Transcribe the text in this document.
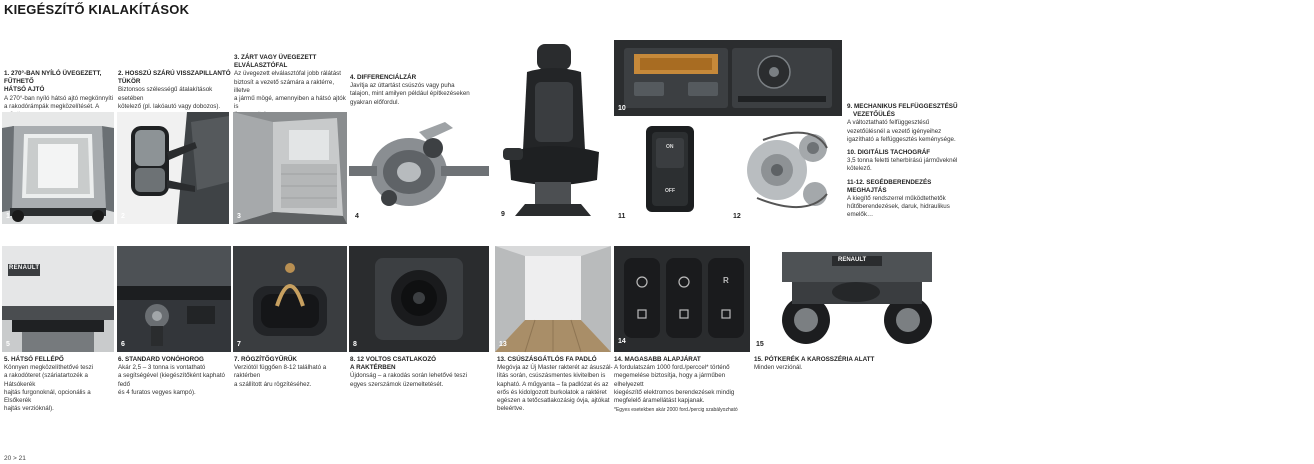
KIEGÉSZÍTŐ KIALAKÍTÁSOK
1. 270°-BAN NYÍLÓ ÜVEGEZETT, FŰTHETŐ
HÁTSÓ AJTÓ
A 270°-ban nyíló hátsó ajtó megkönnyíti
a rakodórámpák megközelítését. A
2. HOSSZÚ SZÁRÚ VISSZAPILLANTÓ
TÜKÖR
Biztonsos szélességű átalakítások esetében
kötelező (pl. lakóautó vagy dobozos).
3. ZÁRT VAGY ÜVEGEZETT
ELVÁLASZTÓFAL
Az üvegezett elválasztófal jobb rálátást
biztosít a vezető számára a raktérre, illetve
a jármű mögé, amennyiben a hátsó ajtók is
4. DIFFERENCIÁLZÁR
Javítja az úttartást csúszós vagy puha
talajon, mint amilyen például építkezéseken
gyakran előfordul.
9. MECHANIKUS FELFÜGGESZTÉSŰ
VEZETŐÜLÉS
A változtatható felfüggesztésű
vezetőülésnél a vezető igényeihez
igazítható a felfüggesztés keménysége.
10. DIGITÁLIS TACHOGRÁF
3,5 tonna feletti teherbírású járműveknél
kötelező.
11-12. SEGÉDBERENDEZÉS MEGHAJTÁS
A kiegítő rendszerrel működtethetők
hűtőberendezések, daruk, hidraulikus
emelők…
1	2	3	4	9
1	2
10
ON
OFF
11	12
RENAULT
5	6	7	8	13
R
14
RENAULT
15
5. HÁTSÓ FELLÉPŐ
Könnyen megközelíthetővé teszi
a rakodóteret (száriatartozék a Hátsókerék
hajtás furgonoknál, opcionális a Elsőkerék
hajtás verzióknál).
6. STANDARD VONÓHOROG
Akár 2,5 – 3 tonna is vontatható
a segítségével (kiegészítőként kapható fedő
és 4 furatos vegyes kampó).
7. RÖGZÍTŐGYŰRŰK
Verziótól függően 8-12 található a raktérben
a szállított áru rögzítéséhez.
8. 12 VOLTOS CSATLAKOZÓ
A RAKTÉRBEN
Újdonság – a rakodás során lehetővé teszi
egyes szerszámok üzemeltetését.
13. CSÚSZÁSGÁTLÓS FA PADLÓ
Megóvja az Új Master rakterét az ásuszál-
lítás során, csúszásmentes kivitelben is
kapható. A műgyanta – fa padlózat és az
erős és kidolgozott burkolatok a raktéret
egészen a tetőcsatlakozásig óvja, ajtókat
beleértve.
14. MAGASABB ALAPJÁRAT
A fordulatszám 1000 ford./perccel* történő
megemelése biztosítja, hogy a járműben elhelyezett
kiegészítő elektromos berendezések mindig
megfelelő áramellátást kapjanak.
*Egyes esetekben akár 2000 ford./percig szabályozható
15. PÓTKERÉK A KAROSSZÉRIA ALATT
Minden verziónál.
20 > 21
